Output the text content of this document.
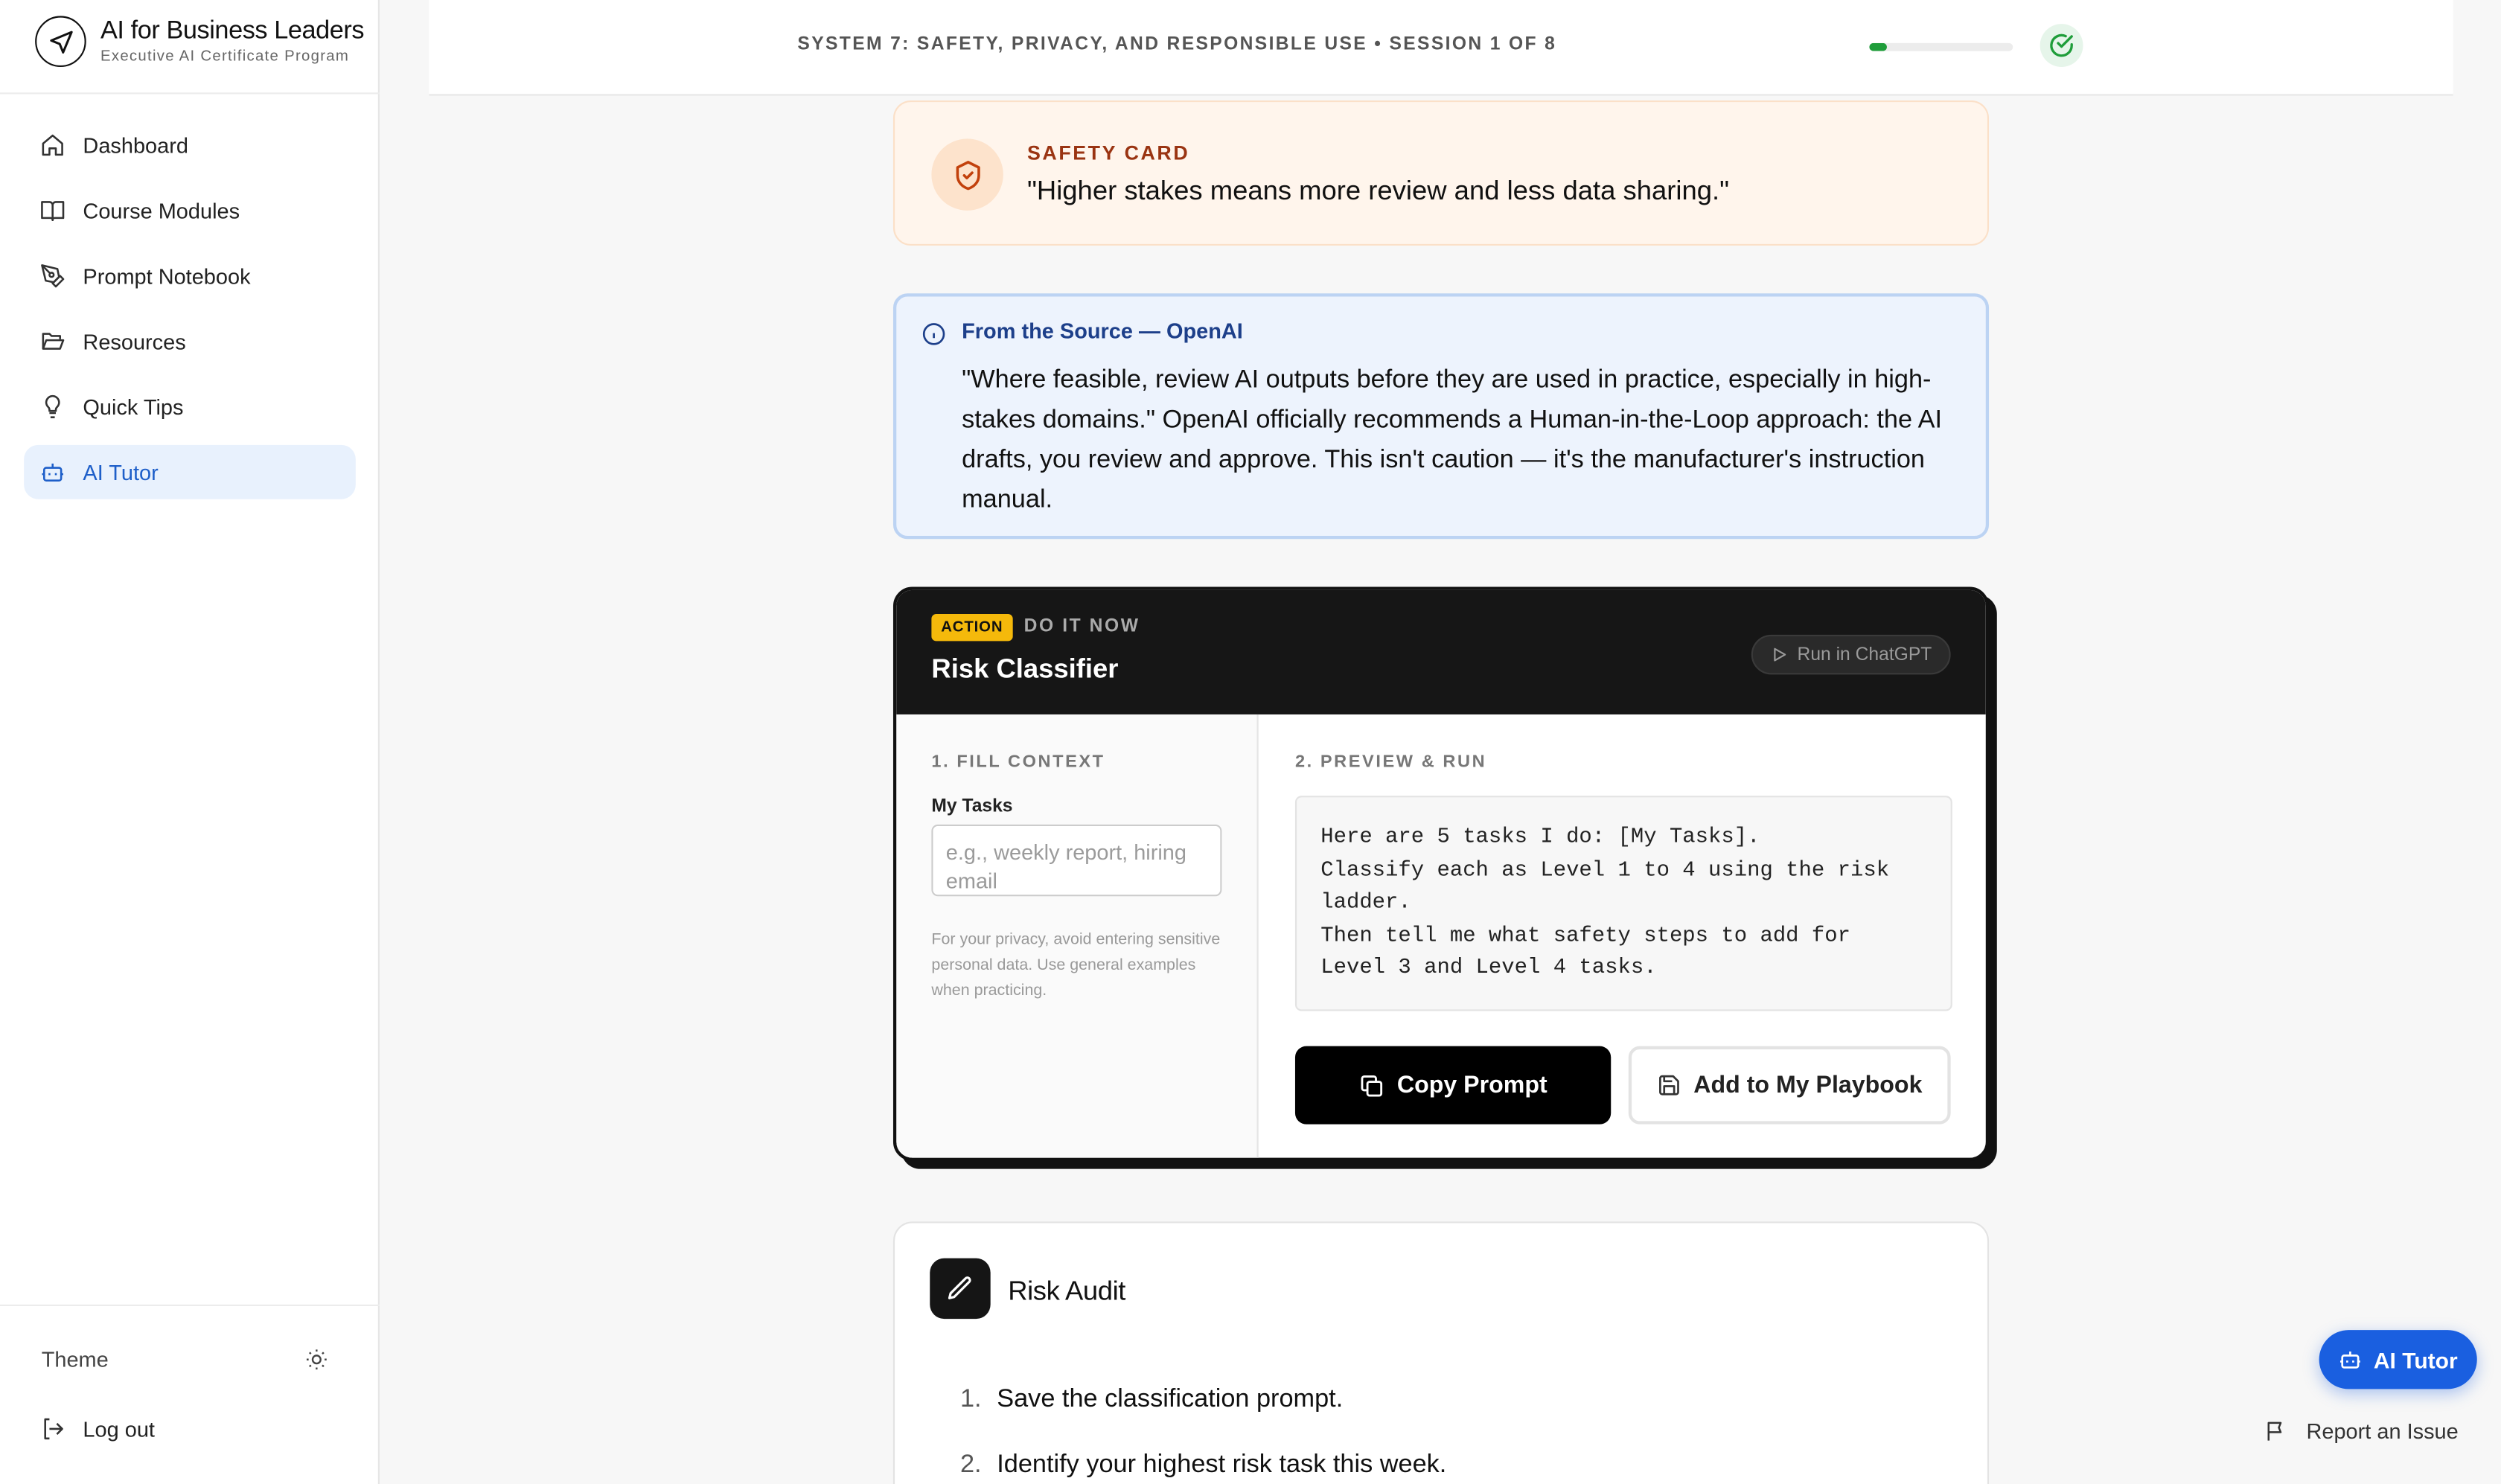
AI for Business Leaders
Executive AI Certificate Program
Dashboard
Course Modules
Prompt Notebook
Resources
Quick Tips
AI Tutor
Theme
Log out
SYSTEM 7: SAFETY, PRIVACY, AND RESPONSIBLE USE • SESSION 1 OF 8
SAFETY CARD
"Higher stakes means more review and less data sharing."
From the Source — OpenAI
"Where feasible, review AI outputs before they are used in practice, especially in high-stakes domains." OpenAI officially recommends a Human-in-the-Loop approach: the AI drafts, you review and approve. This isn't caution — it's the manufacturer's instruction manual.
ACTION	DO IT NOW
Risk Classifier	Run in ChatGPT
1. FILL CONTEXT
My Tasks
e.g., weekly report, hiring email
For your privacy, avoid entering sensitive personal data. Use general examples when practicing.
2. PREVIEW & RUN
Here are 5 tasks I do: [My Tasks].
Classify each as Level 1 to 4 using the risk ladder.
Then tell me what safety steps to add for Level 3 and Level 4 tasks.
Copy Prompt	Add to My Playbook
Risk Audit
1.	Save the classification prompt.
2.	Identify your highest risk task this week.
AI Tutor
Report an Issue
